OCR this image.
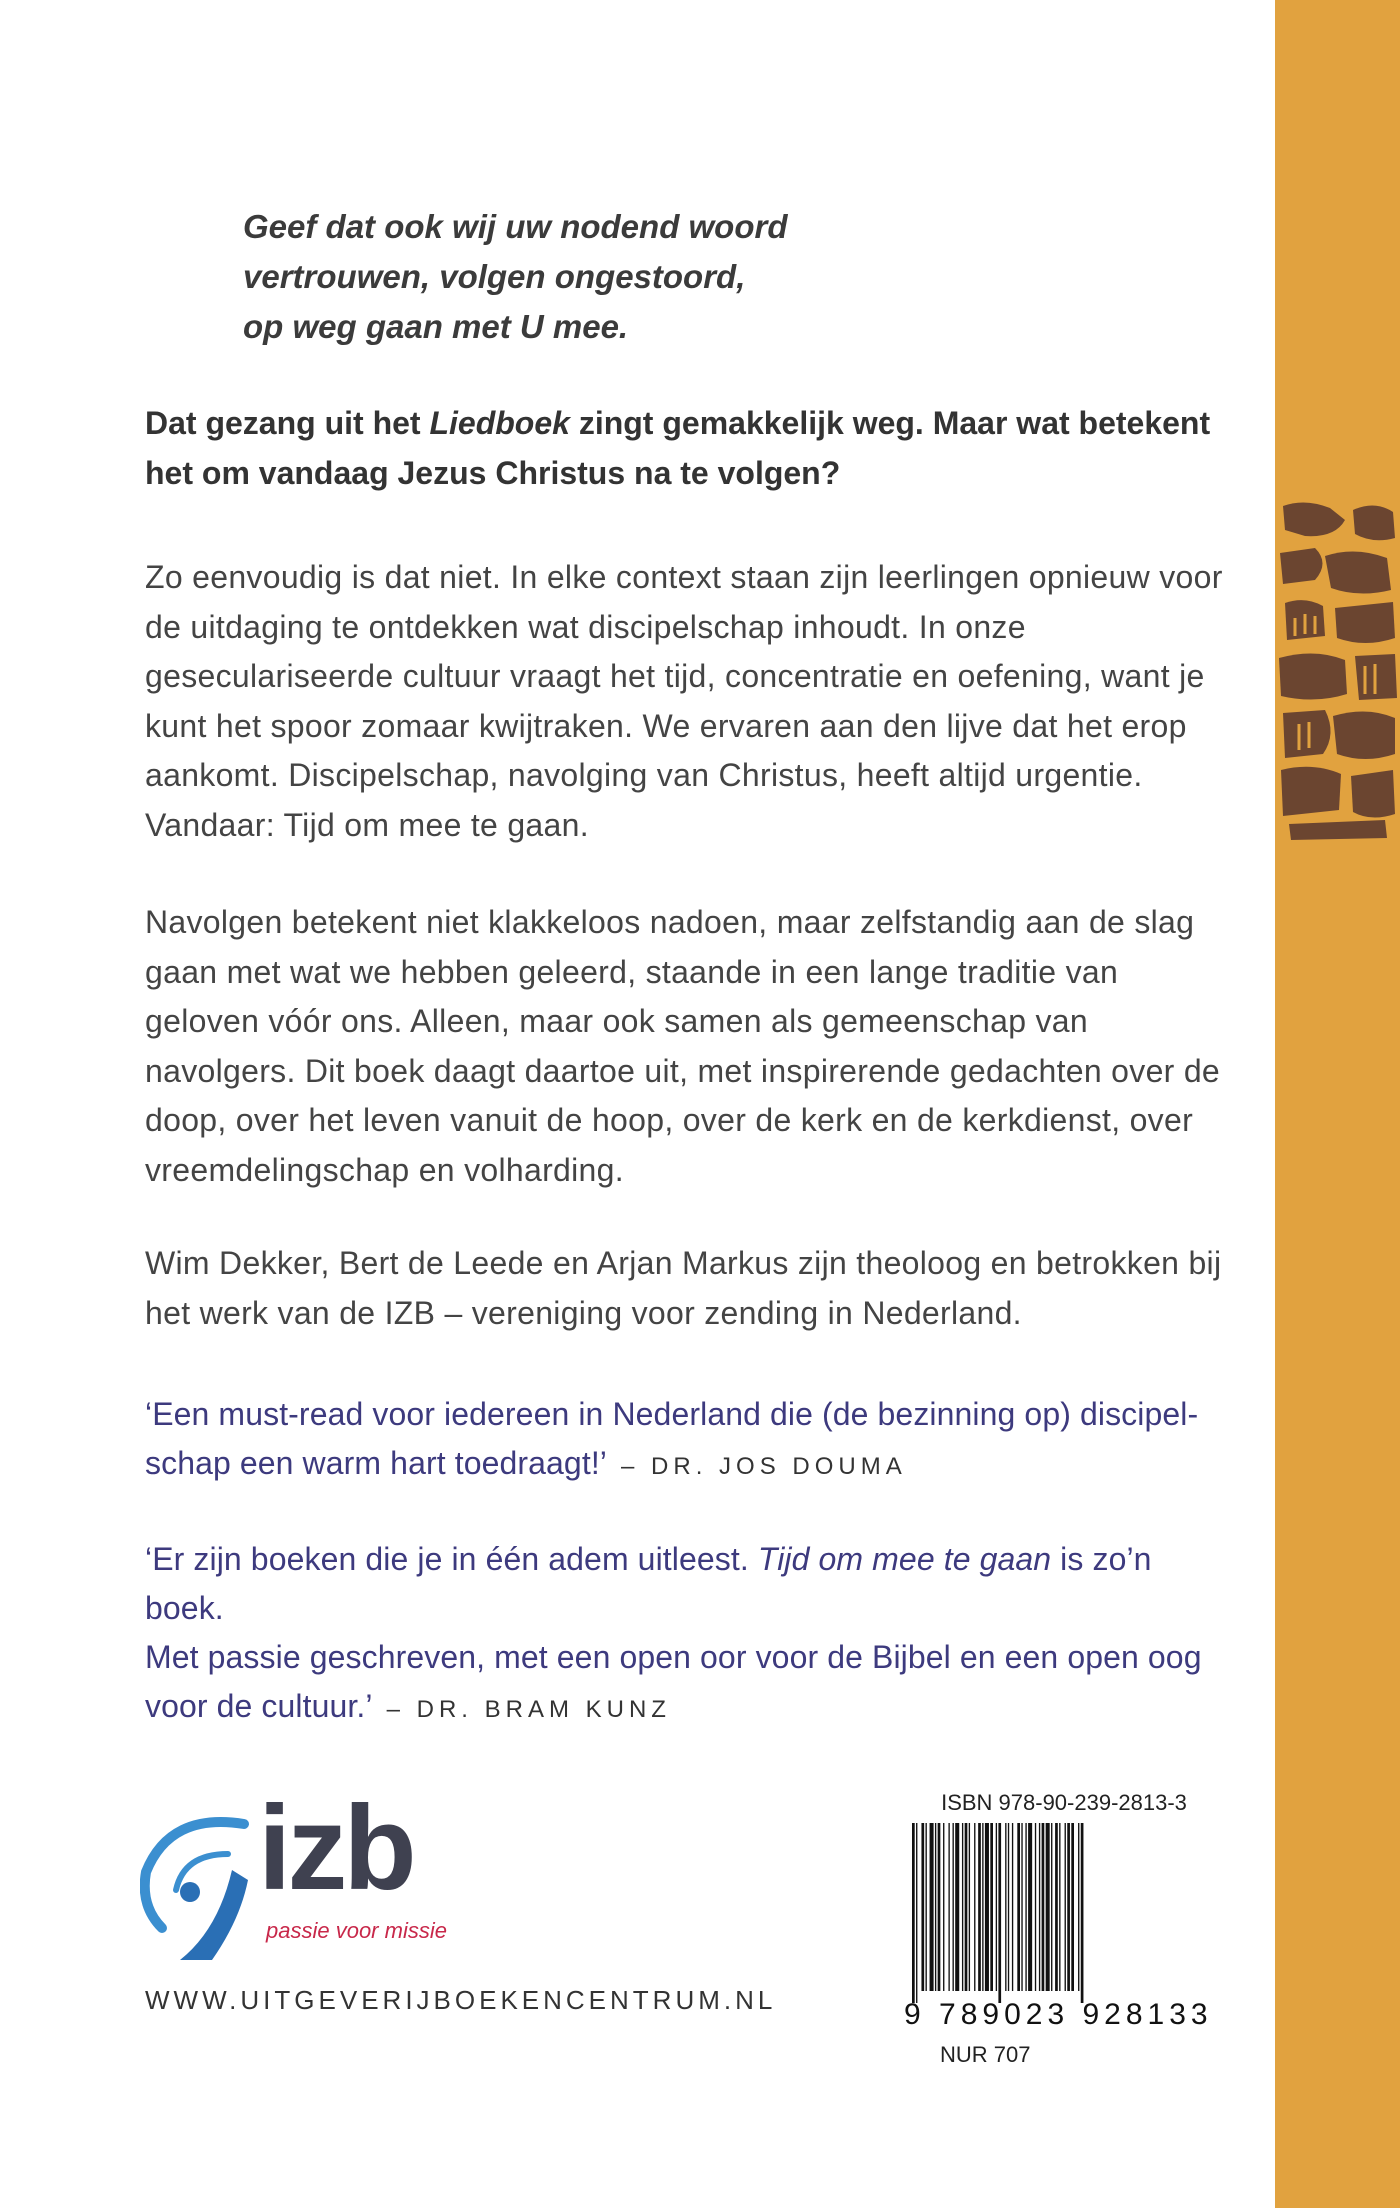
Geef dat ook wij uw nodend woord
vertrouwen, volgen ongestoord,
op weg gaan met U mee.
Dat gezang uit het Liedboek zingt gemakkelijk weg. Maar wat betekent het om vandaag Jezus Christus na te volgen?
Zo eenvoudig is dat niet. In elke context staan zijn leerlingen opnieuw voor de uitdaging te ontdekken wat discipelschap inhoudt. In onze geseculariseerde cultuur vraagt het tijd, concentratie en oefening, want je kunt het spoor zomaar kwijtraken. We ervaren aan den lijve dat het erop aankomt. Discipelschap, navolging van Christus, heeft altijd urgentie. Vandaar: Tijd om mee te gaan.
Navolgen betekent niet klakkeloos nadoen, maar zelfstandig aan de slag gaan met wat we hebben geleerd, staande in een lange traditie van geloven vóór ons. Alleen, maar ook samen als gemeenschap van navolgers. Dit boek daagt daartoe uit, met inspirerende gedachten over de doop, over het leven vanuit de hoop, over de kerk en de kerkdienst, over vreemdelingschap en volharding.
Wim Dekker, Bert de Leede en Arjan Markus zijn theoloog en betrokken bij het werk van de IZB – vereniging voor zending in Nederland.
‘Een must-read voor iedereen in Nederland die (de bezinning op) discipel-
schap een warm hart toedraagt!’ – DR. JOS DOUMA
‘Er zijn boeken die je in één adem uitleest. Tijd om mee te gaan is zo’n boek.
Met passie geschreven, met een open oor voor de Bijbel en een open oog
voor de cultuur.’ – DR. BRAM KUNZ
izb
passie voor missie
WWW.UITGEVERIJBOEKENCENTRUM.NL
ISBN 978-90-239-2813-3
9 789023 928133
NUR 707
